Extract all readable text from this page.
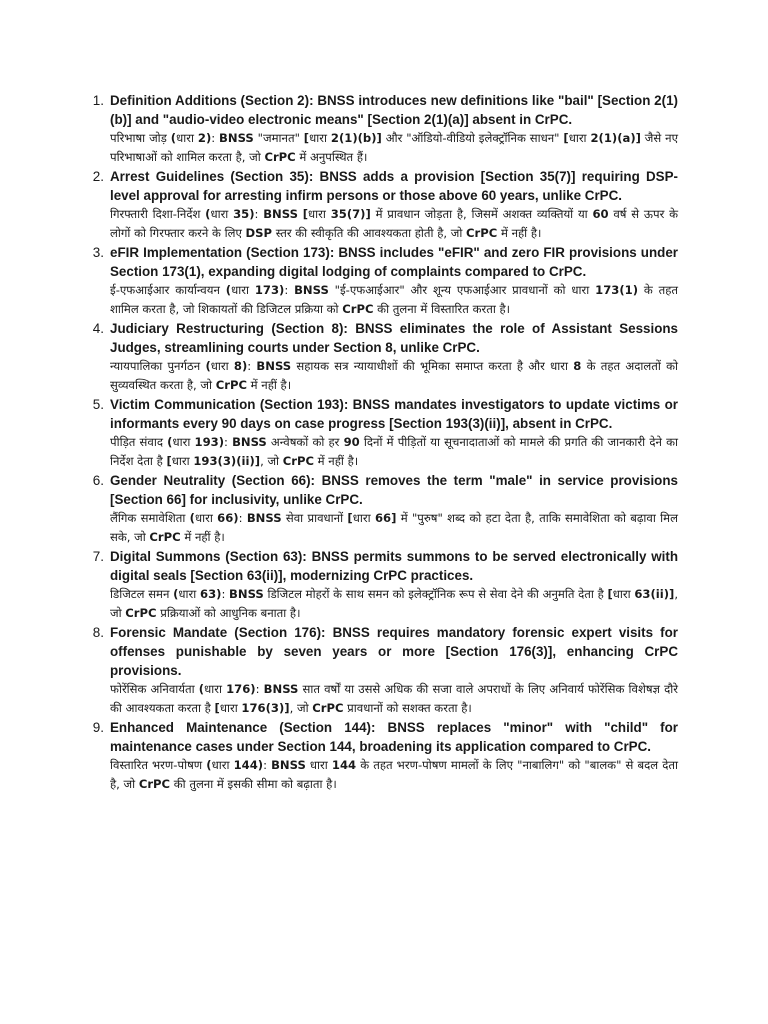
1. Definition Additions (Section 2): BNSS introduces new definitions like "bail" [Section 2(1)(b)] and "audio-video electronic means" [Section 2(1)(a)] absent in CrPC.

परिभाषा जोड़ (धारा 2): BNSS "जमानत" [धारा 2(1)(b)] और "ऑडियो-वीडियो इलेक्ट्रॉनिक साधन" [धारा 2(1)(a)] जैसे नए परिभाषाओं को शामिल करता है, जो CrPC में अनुपस्थित हैं।

2. Arrest Guidelines (Section 35): BNSS adds a provision [Section 35(7)] requiring DSP-level approval for arresting infirm persons or those above 60 years, unlike CrPC.

गिरफ्तारी दिशा-निर्देश (धारा 35): BNSS [धारा 35(7)] में प्रावधान जोड़ता है, जिसमें अशक्त व्यक्तियों या 60 वर्ष से ऊपर के लोगों को गिरफ्तार करने के लिए DSP स्तर की स्वीकृति की आवश्यकता होती है, जो CrPC में नहीं है।

3. eFIR Implementation (Section 173): BNSS includes "eFIR" and zero FIR provisions under Section 173(1), expanding digital lodging of complaints compared to CrPC.

ई-एफआईआर कार्यान्वयन (धारा 173): BNSS "ई-एफआईआर" और शून्य एफआईआर प्रावधानों को धारा 173(1) के तहत शामिल करता है, जो शिकायतों की डिजिटल प्रक्रिया को CrPC की तुलना में विस्तारित करता है।

4. Judiciary Restructuring (Section 8): BNSS eliminates the role of Assistant Sessions Judges, streamlining courts under Section 8, unlike CrPC.

न्यायपालिका पुनर्गठन (धारा 8): BNSS सहायक सत्र न्यायाधीशों की भूमिका समाप्त करता है और धारा 8 के तहत अदालतों को सुव्यवस्थित करता है, जो CrPC में नहीं है।

5. Victim Communication (Section 193): BNSS mandates investigators to update victims or informants every 90 days on case progress [Section 193(3)(ii)], absent in CrPC.

पीड़ित संवाद (धारा 193): BNSS अन्वेषकों को हर 90 दिनों में पीड़ितों या सूचनादाताओं को मामले की प्रगति की जानकारी देने का निर्देश देता है [धारा 193(3)(ii)], जो CrPC में नहीं है।

6. Gender Neutrality (Section 66): BNSS removes the term "male" in service provisions [Section 66] for inclusivity, unlike CrPC.

लैंगिक समावेशिता (धारा 66): BNSS सेवा प्रावधानों [धारा 66] में "पुरुष" शब्द को हटा देता है, ताकि समावेशिता को बढ़ावा मिल सके, जो CrPC में नहीं है।

7. Digital Summons (Section 63): BNSS permits summons to be served electronically with digital seals [Section 63(ii)], modernizing CrPC practices.

डिजिटल समन (धारा 63): BNSS डिजिटल मोहरों के साथ समन को इलेक्ट्रॉनिक रूप से सेवा देने की अनुमति देता है [धारा 63(ii)], जो CrPC प्रक्रियाओं को आधुनिक बनाता है।

8. Forensic Mandate (Section 176): BNSS requires mandatory forensic expert visits for offenses punishable by seven years or more [Section 176(3)], enhancing CrPC provisions.

फोरेंसिक अनिवार्यता (धारा 176): BNSS सात वर्षों या उससे अधिक की सजा वाले अपराधों के लिए अनिवार्य फोरेंसिक विशेषज्ञ दौरे की आवश्यकता करता है [धारा 176(3)], जो CrPC प्रावधानों को सशक्त करता है।

9. Enhanced Maintenance (Section 144): BNSS replaces "minor" with "child" for maintenance cases under Section 144, broadening its application compared to CrPC.

विस्तारित भरण-पोषण (धारा 144): BNSS धारा 144 के तहत भरण-पोषण मामलों के लिए "नाबालिग" को "बालक" से बदल देता है, जो CrPC की तुलना में इसकी सीमा को बढ़ाता है।
